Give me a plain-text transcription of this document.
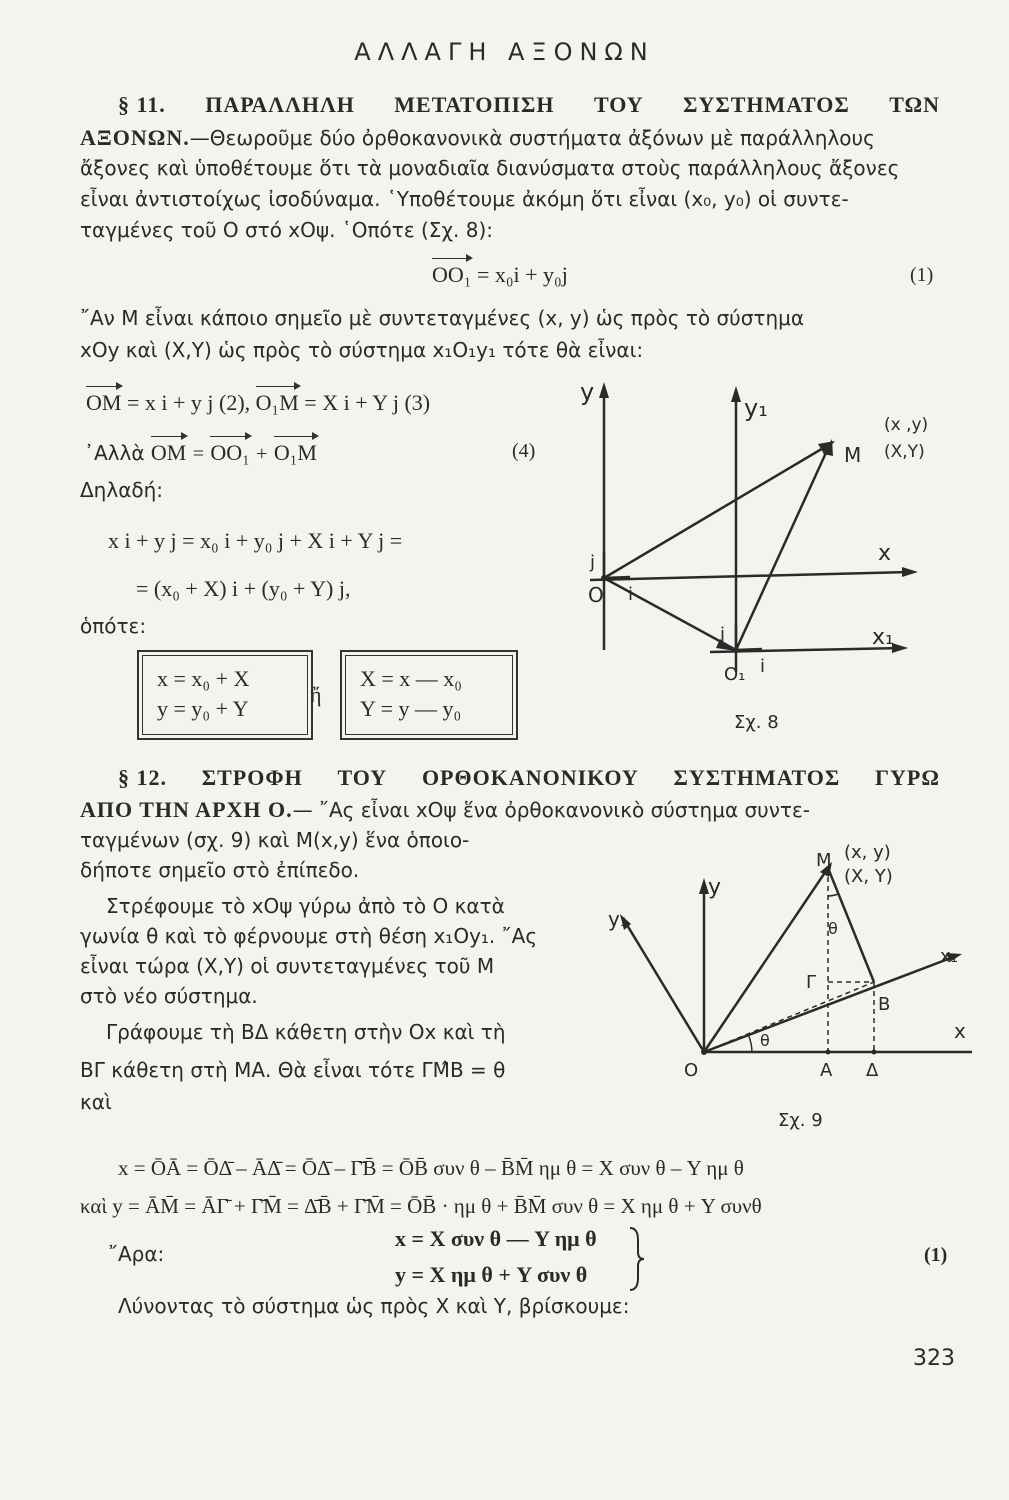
ΑΛΛΑΓΗ ΑΞΟΝΩΝ
§ 11. ΠΑΡΑΛΛΗΛΗ ΜΕΤΑΤΟΠΙΣΗ ΤΟΥ ΣΥΣΤΗΜΑΤΟΣ ΤΩΝ
ΑΞΟΝΩΝ.—Θεωροῦμε δύο ὀρθοκανονικὰ συστήματα ἀξόνων μὲ παράλληλους
ἄξονες καὶ ὑποθέτουμε ὅτι τὰ μοναδιαῖα διανύσματα στοὺς παράλληλους ἄξονες
εἶναι ἀντιστοίχως ἰσοδύναμα. ῾Υποθέτουμε ἀκόμη ὅτι εἶναι (x₀, y₀) οἱ συντε-
ταγμένες τοῦ O στό xOψ. ῾Οπότε (Σχ. 8):
OO₁ = x₀i + y₀j	(1)
῎Αν Μ εἶναι κάποιο σημεῖο μὲ συντεταγμένες (x, y) ὡς πρὸς τὸ σύστημα
xOy καὶ (X,Y) ὡς πρὸς τὸ σύστημα x₁O₁y₁ τότε θὰ εἶναι:
OM = x i + y j (2), O₁M = X i + Y j (3)
᾿Αλλὰ OM = OO₁ + O₁M	(4)
Δηλαδή:
x i + y j = x₀ i + y₀ j + X i + Y j =
= (x₀ + X) i + (y₀ + Y) j,
ὁπότε:
x = x₀ + X
y = y₀ + Y
ἤ
X = x — x₀
Y = y — y₀
y
y₁
(x ,y)
(X,Y)
M
x
x₁
O
O₁
i
j
i
j
Σχ. 8
§ 12. ΣΤΡΟΦΗ ΤΟΥ ΟΡΘΟΚΑΝΟΝΙΚΟΥ ΣΥΣΤΗΜΑΤΟΣ ΓΥΡΩ
ΑΠΟ ΤΗΝ ΑΡΧΗ Ο.— ῎Ας εἶναι xOψ ἕνα ὀρθοκανονικὸ σύστημα συντε-
ταγμένων (σχ. 9) καὶ M(x,y) ἕνα ὁποιο-
δήποτε σημεῖο στὸ ἐπίπεδο.
Στρέφουμε τὸ xOψ γύρω ἀπὸ τὸ O κατὰ
γωνία θ καὶ τὸ φέρνουμε στὴ θέση x₁Oy₁. ῎Ας
εἶναι τώρα (X,Y) οἱ συντεταγμένες τοῦ M
στὸ νέο σύστημα.
Γράφουμε τὴ ΒΔ κάθετη στὴν Ox καὶ τὴ
ΒΓ κάθετη στὴ ΜΑ. Θὰ εἶναι τότε ΓΜ̂Β = θ
καὶ
(x, y)
(X, Y)
M
y
y₁
x
x₁
θ
θ
Γ
B
O	A Δ
Σχ. 9
x = ŌĀ = ŌΔ̄ – ĀΔ̄ = ŌΔ̄ – Γ̄B̄ = ŌB̄ συν θ – B̄M̄ ημ θ = X συν θ – Y ημ θ
καὶ y = ĀM̄ = ĀΓ̄ + Γ̄M̄ = Δ̄B̄ + Γ̄M̄ = ŌB̄ · ημ θ + B̄M̄ συν θ = X ημ θ + Y συνθ
῎Αρα:
x = X συν θ — Y ημ θ
y = X ημ θ + Y συν θ
(1)
Λύνοντας τὸ σύστημα ὡς πρὸς X καὶ Y, βρίσκουμε:
323
